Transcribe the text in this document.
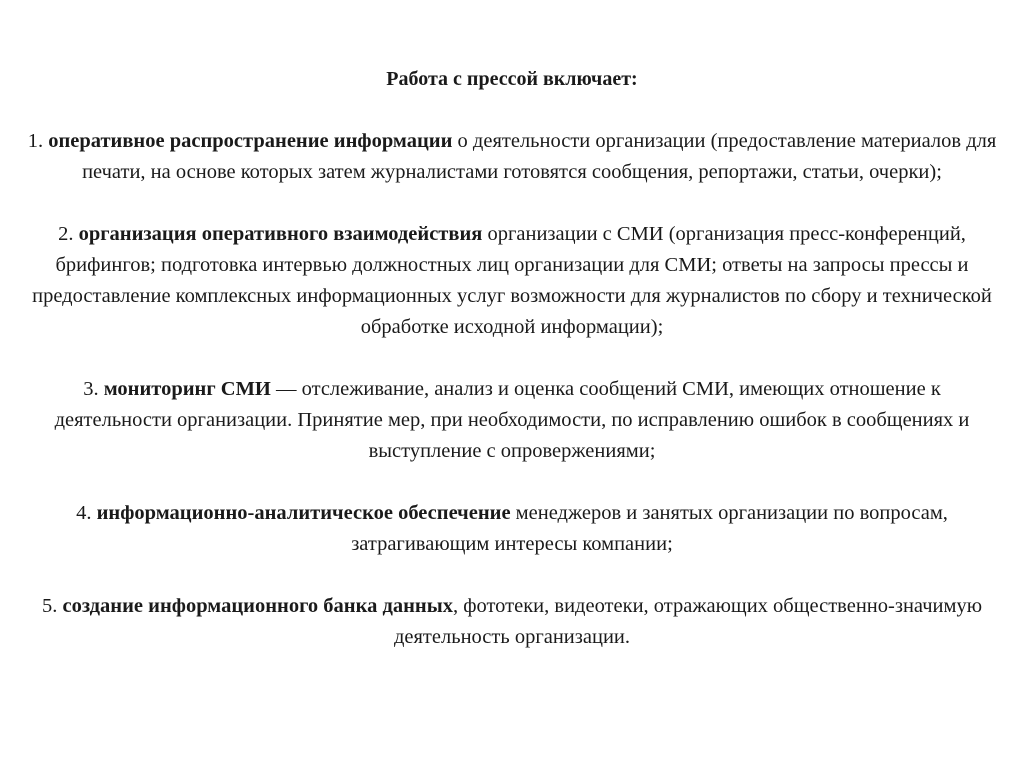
Работа с прессой включает:

1. оперативное распространение информации о деятельности организации (предоставление материалов для печати, на основе которых затем журналистами готовятся сообщения, репортажи, статьи, очерки);

2. организация оперативного взаимодействия организации с СМИ (организация пресс-конференций, брифингов; подготовка интервью должностных лиц организации для СМИ; ответы на запросы прессы и предоставление комплексных информационных услуг возможности для журналистов по сбору и технической обработке исходной информации);

3. мониторинг СМИ — отслеживание, анализ и оценка сообщений СМИ, имеющих отношение к деятельности организации. Принятие мер, при необходимости, по исправлению ошибок в сообщениях и выступление с опровержениями;

4. информационно-аналитическое обеспечение менеджеров и занятых организации по вопросам, затрагивающим интересы компании;

5. создание информационного банка данных, фототеки, видеотеки, отражающих общественно-значимую деятельность организации.
